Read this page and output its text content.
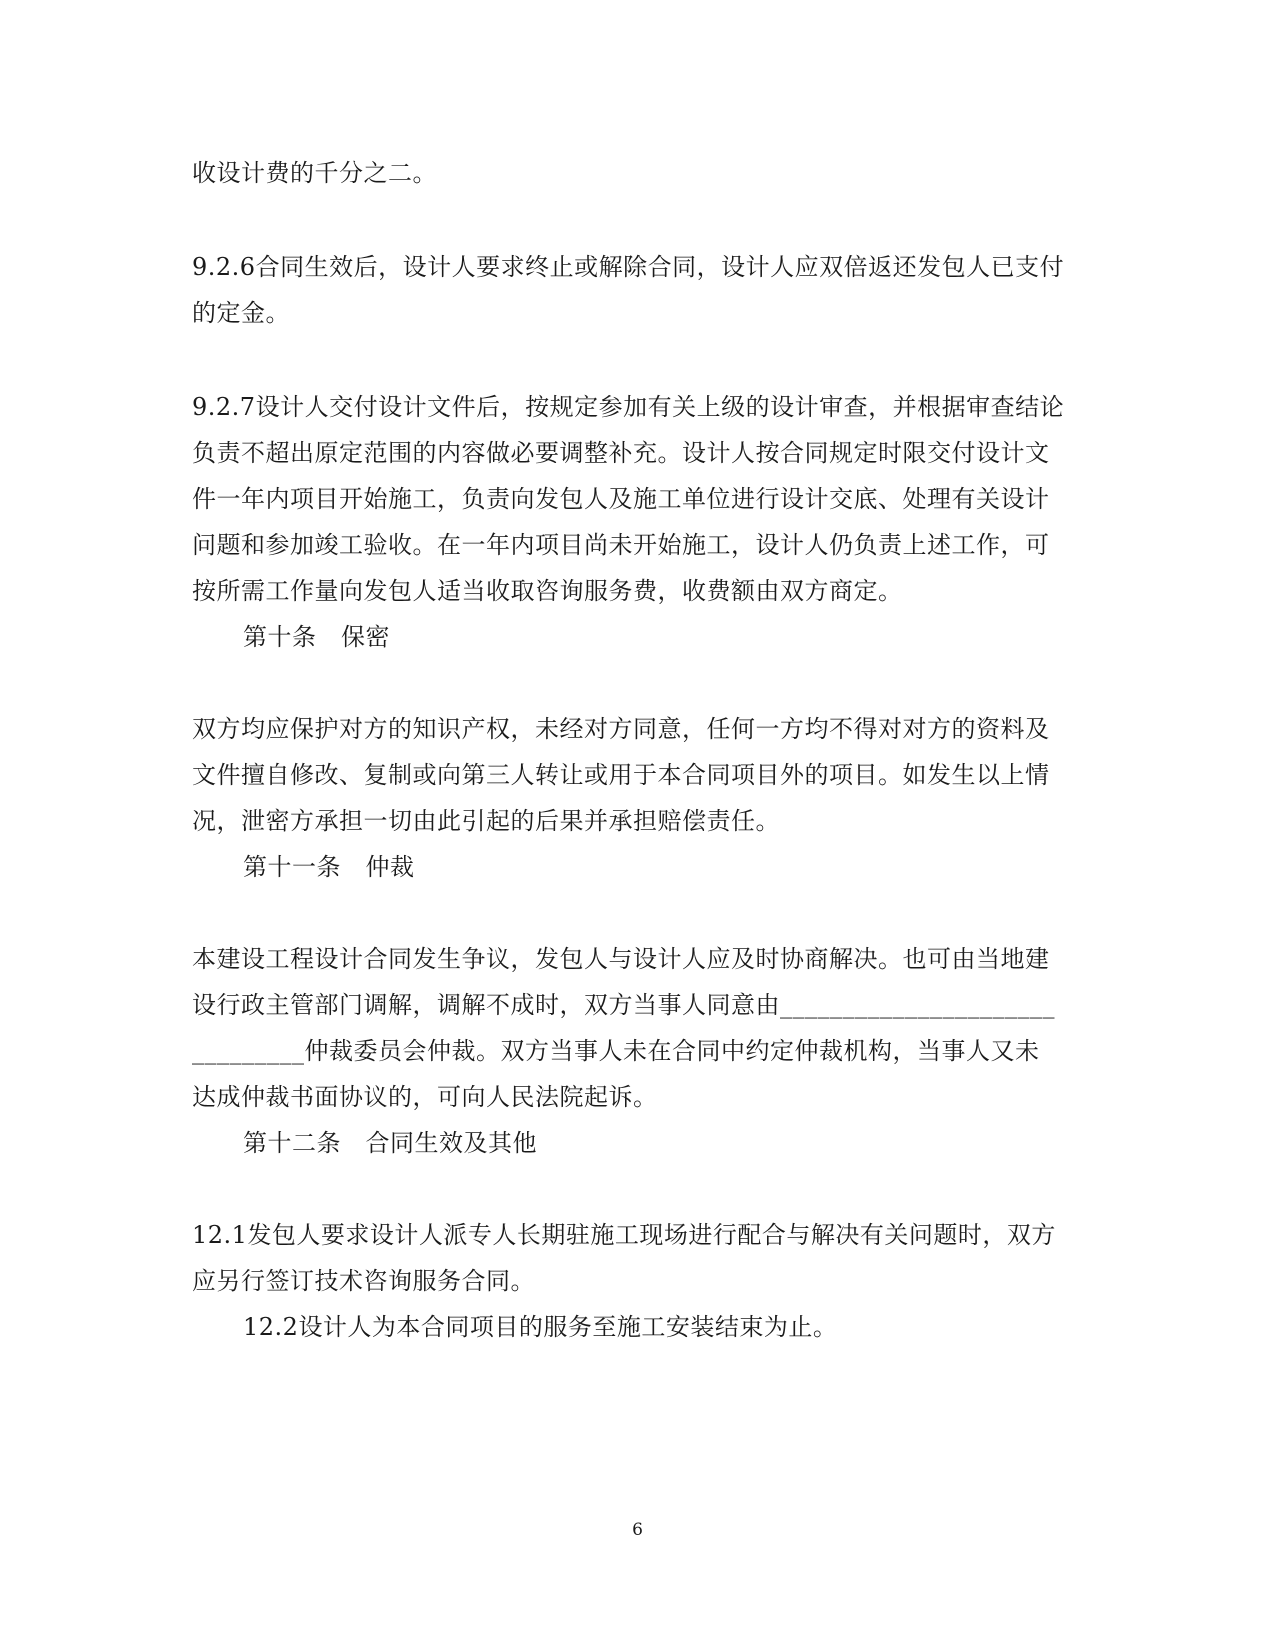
收设计费的千分之二。
9.2.6合同生效后，设计人要求终止或解除合同，设计人应双倍返还发包人已支付
的定金。
9.2.7设计人交付设计文件后，按规定参加有关上级的设计审查，并根据审查结论
负责不超出原定范围的内容做必要调整补充。设计人按合同规定时限交付设计文
件一年内项目开始施工，负责向发包人及施工单位进行设计交底、处理有关设计
问题和参加竣工验收。在一年内项目尚未开始施工，设计人仍负责上述工作，可
按所需工作量向发包人适当收取咨询服务费，收费额由双方商定。
第十条　保密
双方均应保护对方的知识产权，未经对方同意，任何一方均不得对对方的资料及
文件擅自修改、复制或向第三人转让或用于本合同项目外的项目。如发生以上情
况，泄密方承担一切由此引起的后果并承担赔偿责任。
第十一条　仲裁
本建设工程设计合同发生争议，发包人与设计人应及时协商解决。也可由当地建
设行政主管部门调解，调解不成时，双方当事人同意由______________________
_________仲裁委员会仲裁。双方当事人未在合同中约定仲裁机构，当事人又未
达成仲裁书面协议的，可向人民法院起诉。
第十二条　合同生效及其他
12.1发包人要求设计人派专人长期驻施工现场进行配合与解决有关问题时，双方
应另行签订技术咨询服务合同。
12.2设计人为本合同项目的服务至施工安装结束为止。
6
